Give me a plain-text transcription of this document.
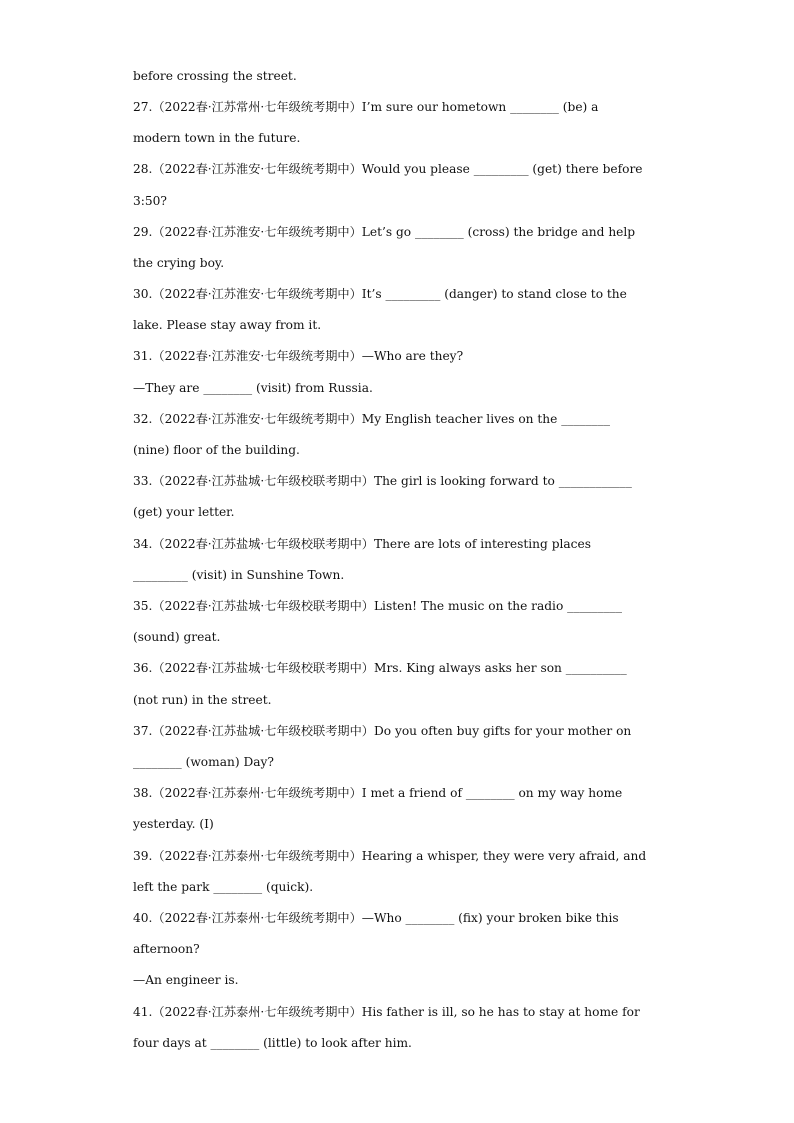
before crossing the street.
27.（2022春·江苏常州·七年级统考期中）I’m sure our hometown ________ (be) a
modern town in the future.
28.（2022春·江苏淮安·七年级统考期中）Would you please _________ (get) there before
3:50?
29.（2022春·江苏淮安·七年级统考期中）Let’s go ________ (cross) the bridge and help
the crying boy.
30.（2022春·江苏淮安·七年级统考期中）It’s _________ (danger) to stand close to the
lake. Please stay away from it.
31.（2022春·江苏淮安·七年级统考期中）—Who are they?
—They are ________ (visit) from Russia.
32.（2022春·江苏淮安·七年级统考期中）My English teacher lives on the ________
(nine) floor of the building.
33.（2022春·江苏盐城·七年级校联考期中）The girl is looking forward to ____________
(get) your letter.
34.（2022春·江苏盐城·七年级校联考期中）There are lots of interesting places
_________ (visit) in Sunshine Town.
35.（2022春·江苏盐城·七年级校联考期中）Listen! The music on the radio _________
(sound) great.
36.（2022春·江苏盐城·七年级校联考期中）Mrs. King always asks her son __________
(not run) in the street.
37.（2022春·江苏盐城·七年级校联考期中）Do you often buy gifts for your mother on
________ (woman) Day?
38.（2022春·江苏泰州·七年级统考期中）I met a friend of ________ on my way home
yesterday. (I)
39.（2022春·江苏泰州·七年级统考期中）Hearing a whisper, they were very afraid, and
left the park ________ (quick).
40.（2022春·江苏泰州·七年级统考期中）—Who ________ (fix) your broken bike this
afternoon?
—An engineer is.
41.（2022春·江苏泰州·七年级统考期中）His father is ill, so he has to stay at home for
four days at ________ (little) to look after him.
